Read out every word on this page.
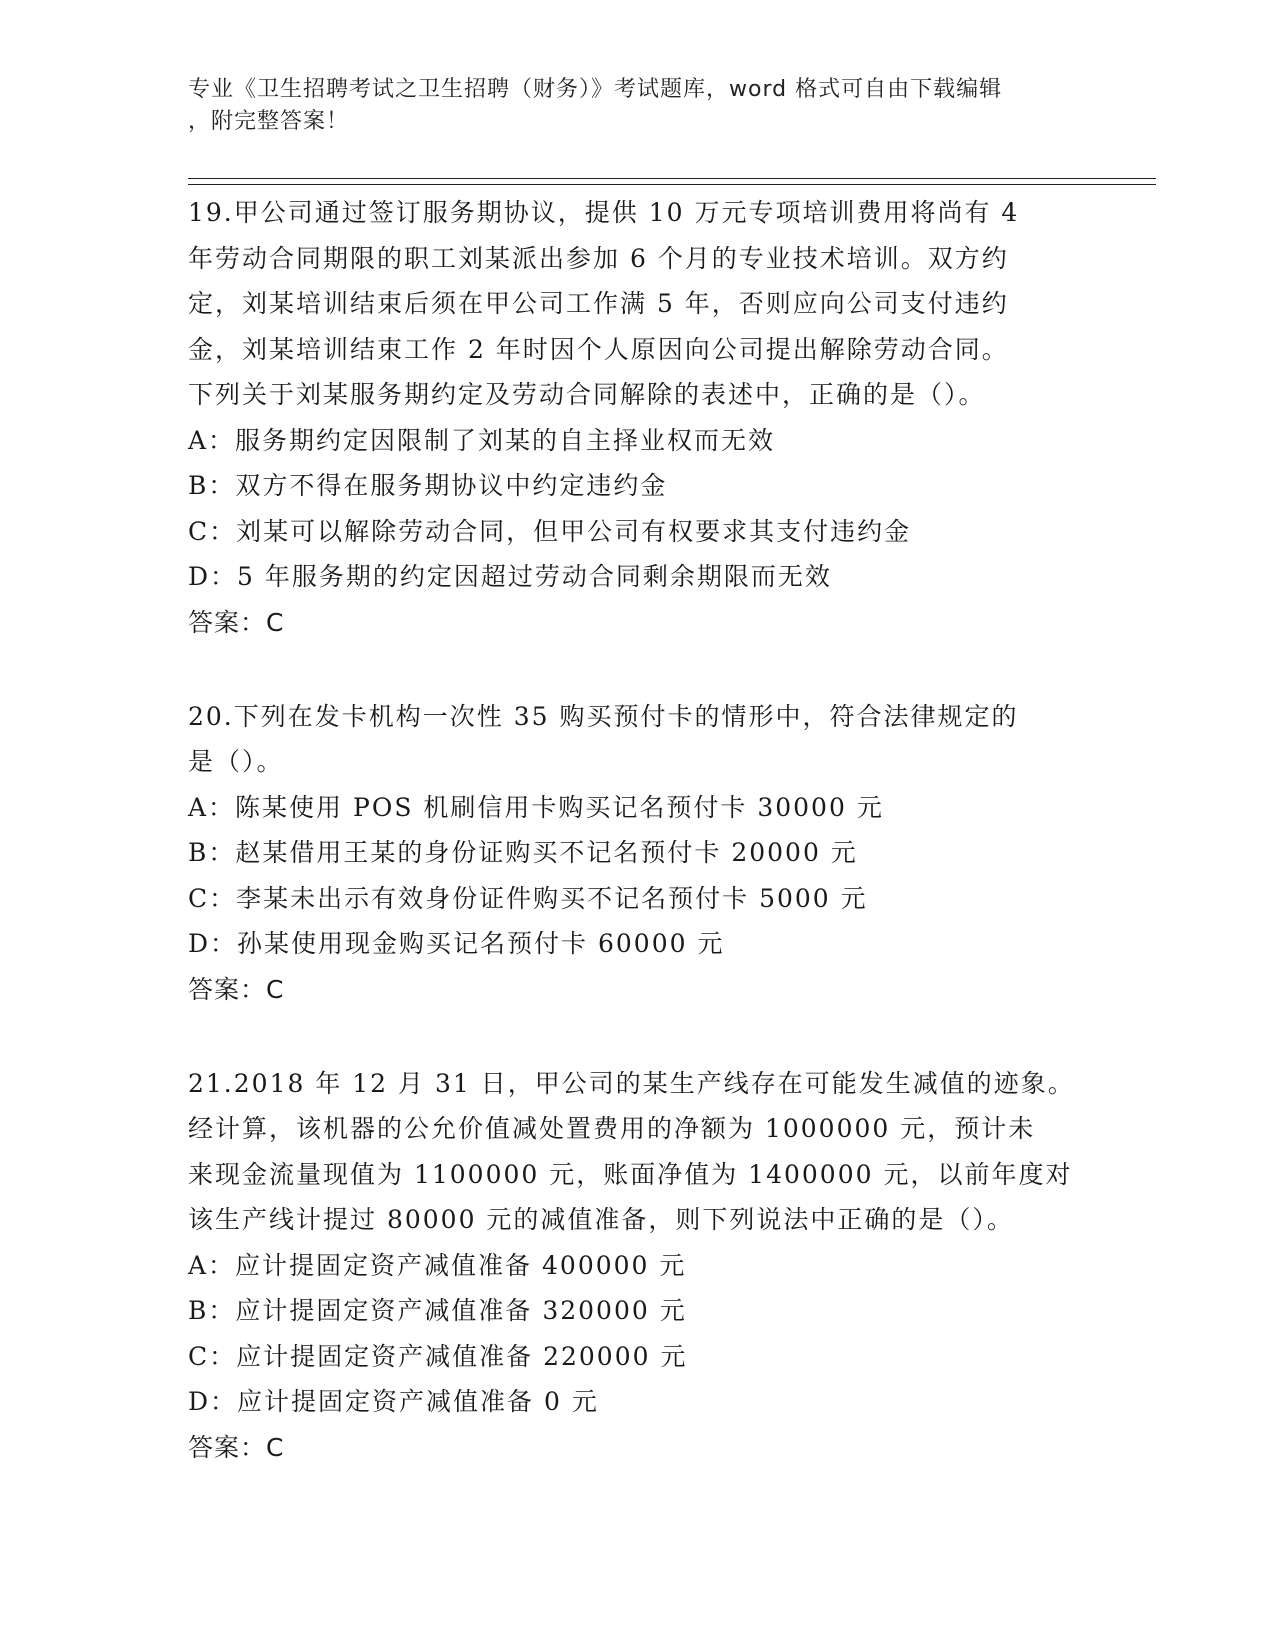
专业《卫生招聘考试之卫生招聘（财务）》考试题库，word 格式可自由下载编辑
，附完整答案！
19.甲公司通过签订服务期协议，提供 10 万元专项培训费用将尚有 4
年劳动合同期限的职工刘某派出参加 6 个月的专业技术培训。双方约
定，刘某培训结束后须在甲公司工作满 5 年，否则应向公司支付违约
金，刘某培训结束工作 2 年时因个人原因向公司提出解除劳动合同。
下列关于刘某服务期约定及劳动合同解除的表述中，正确的是（）。
A：服务期约定因限制了刘某的自主择业权而无效
B：双方不得在服务期协议中约定违约金
C：刘某可以解除劳动合同，但甲公司有权要求其支付违约金
D：5 年服务期的约定因超过劳动合同剩余期限而无效
答案：C
20.下列在发卡机构一次性 35 购买预付卡的情形中，符合法律规定的
是（）。
A：陈某使用 POS 机刷信用卡购买记名预付卡 30000 元
B：赵某借用王某的身份证购买不记名预付卡 20000 元
C：李某未出示有效身份证件购买不记名预付卡 5000 元
D：孙某使用现金购买记名预付卡 60000 元
答案：C
21.2018 年 12 月 31 日，甲公司的某生产线存在可能发生减值的迹象。
经计算，该机器的公允价值减处置费用的净额为 1000000 元，预计未
来现金流量现值为 1100000 元，账面净值为 1400000 元，以前年度对
该生产线计提过 80000 元的减值准备，则下列说法中正确的是（）。
A：应计提固定资产减值准备 400000 元
B：应计提固定资产减值准备 320000 元
C：应计提固定资产减值准备 220000 元
D：应计提固定资产减值准备 0 元
答案：C
